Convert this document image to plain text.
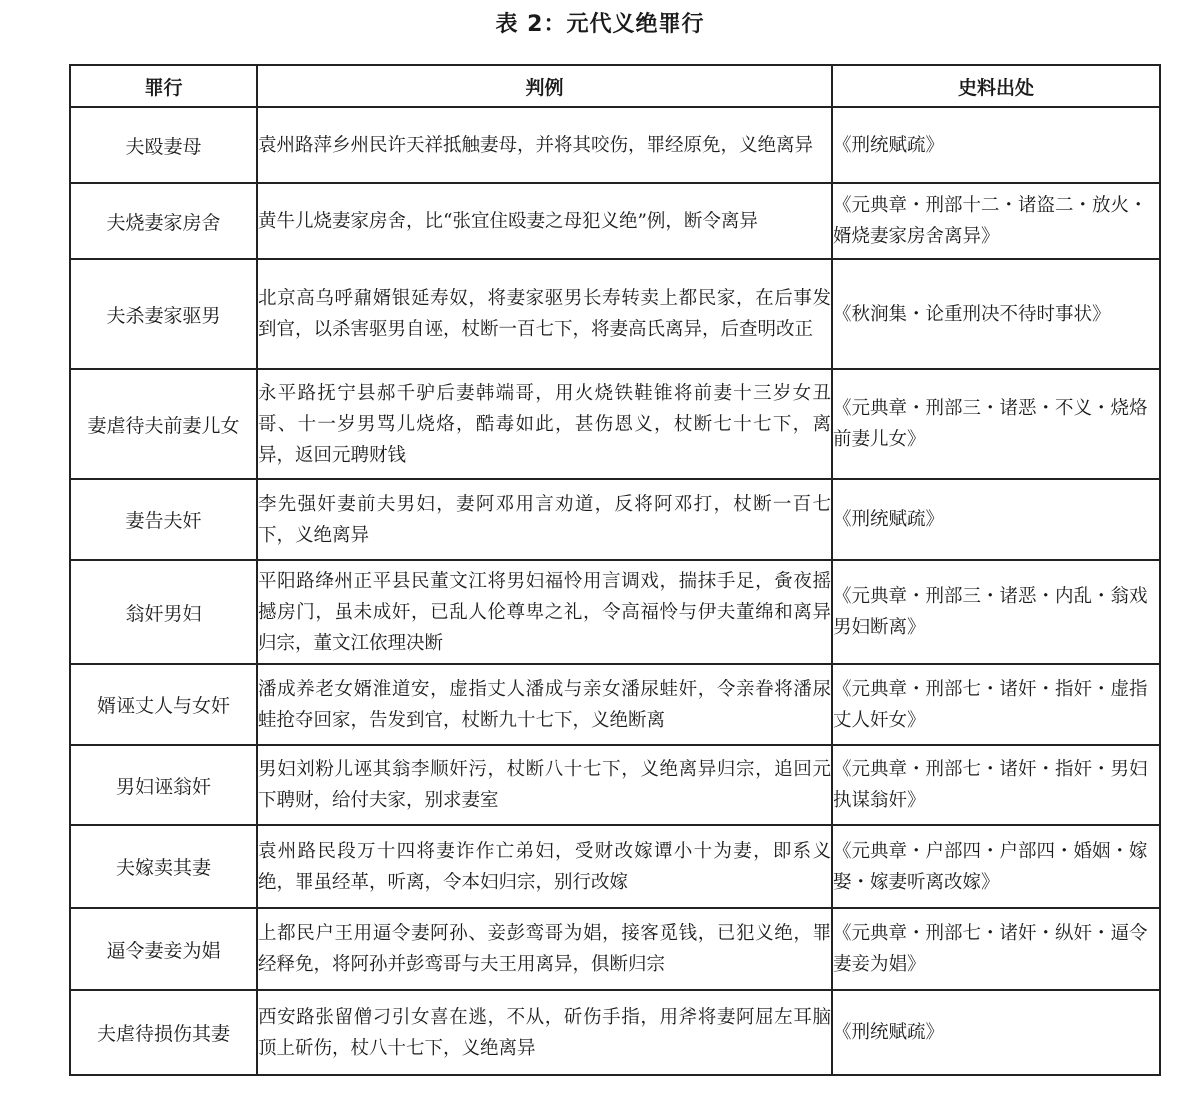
表 2：元代义绝罪行
罪行	判例	史料出处
夫殴妻母	袁州路萍乡州民许天祥抵触妻母，并将其咬伤，罪经原免，义绝离异	《刑统赋疏》
夫烧妻家房舍	黄牛儿烧妻家房舍，比“张宜住殴妻之母犯义绝”例，断令离异	《元典章・刑部十二・诸盗二・放火・婿烧妻家房舍离异》
夫杀妻家驱男	北京高乌呼鼐婿银延寿奴，将妻家驱男长寿转卖上都民家，在后事发到官，以杀害驱男自诬，杖断一百七下，将妻高氏离异，后查明改正	《秋涧集・论重刑决不待时事状》
妻虐待夫前妻儿女	永平路抚宁县郝千驴后妻韩端哥，用火烧铁鞋锥将前妻十三岁女丑哥、十一岁男骂儿烧烙，酷毒如此，甚伤恩义，杖断七十七下，离异，返回元聘财钱	《元典章・刑部三・诸恶・不义・烧烙前妻儿女》
妻告夫奸	李先强奸妻前夫男妇，妻阿邓用言劝道，反将阿邓打，杖断一百七下，义绝离异	《刑统赋疏》
翁奸男妇	平阳路绛州正平县民董文江将男妇福怜用言调戏，揣抹手足，夤夜摇撼房门，虽未成奸，已乱人伦尊卑之礼，令高福怜与伊夫董绵和离异归宗，董文江依理决断	《元典章・刑部三・诸恶・内乱・翁戏男妇断离》
婿诬丈人与女奸	潘成养老女婿淮道安，虚指丈人潘成与亲女潘尿蛙奸，令亲眷将潘尿蛙抢夺回家，告发到官，杖断九十七下，义绝断离	《元典章・刑部七・诸奸・指奸・虚指丈人奸女》
男妇诬翁奸	男妇刘粉儿诬其翁李顺奸污，杖断八十七下，义绝离异归宗，追回元下聘财，给付夫家，别求妻室	《元典章・刑部七・诸奸・指奸・男妇执谋翁奸》
夫嫁卖其妻	袁州路民段万十四将妻诈作亡弟妇，受财改嫁谭小十为妻，即系义绝，罪虽经革，听离，令本妇归宗，别行改嫁	《元典章・户部四・户部四・婚姻・嫁娶・嫁妻听离改嫁》
逼令妻妾为娼	上都民户王用逼令妻阿孙、妾彭鸾哥为娼，接客觅钱，已犯义绝，罪经释免，将阿孙并彭鸾哥与夫王用离异，俱断归宗	《元典章・刑部七・诸奸・纵奸・逼令妻妾为娼》
夫虐待损伤其妻	西安路张留僧刁引女喜在逃，不从，斫伤手指，用斧将妻阿屈左耳脑顶上斫伤，杖八十七下，义绝离异	《刑统赋疏》
